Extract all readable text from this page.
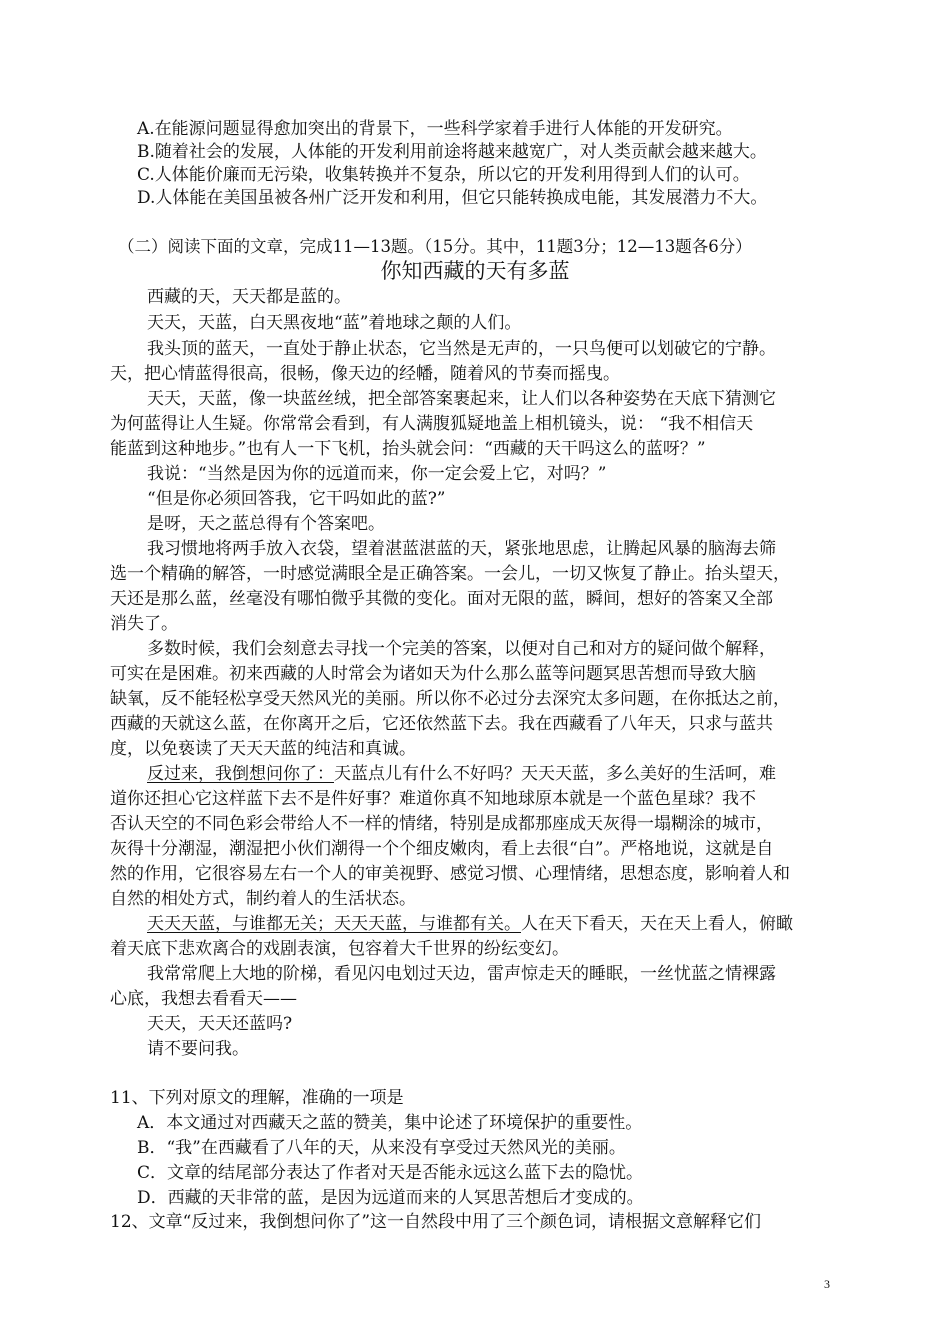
A.在能源问题显得愈加突出的背景下，一些科学家着手进行人体能的开发研究。
B.随着社会的发展，人体能的开发利用前途将越来越宽广，对人类贡献会越来越大。
C.人体能价廉而无污染，收集转换并不复杂，所以它的开发利用得到人们的认可。
D.人体能在美国虽被各州广泛开发和利用，但它只能转换成电能，其发展潜力不大。
（二）阅读下面的文章，完成11—13题。（15分。其中，11题3分；12—13题各6分）
你知西藏的天有多蓝
西藏的天，天天都是蓝的。
天天，天蓝，白天黑夜地“蓝”着地球之颠的人们。
我头顶的蓝天，一直处于静止状态，它当然是无声的，一只鸟便可以划破它的宁静。
天，把心情蓝得很高，很畅，像天边的经幡，随着风的节奏而摇曳。
天天，天蓝，像一块蓝丝绒，把全部答案裹起来，让人们以各种姿势在天底下猜测它
为何蓝得让人生疑。你常常会看到，有人满腹狐疑地盖上相机镜头，说： “我不相信天
能蓝到这种地步。”也有人一下飞机，抬头就会问：“西藏的天干吗这么的蓝呀？”
我说：“当然是因为你的远道而来，你一定会爱上它，对吗？”
“但是你必须回答我，它干吗如此的蓝?”
是呀，天之蓝总得有个答案吧。
我习惯地将两手放入衣袋，望着湛蓝湛蓝的天，紧张地思虑，让腾起风暴的脑海去筛
选一个精确的解答，一时感觉满眼全是正确答案。一会儿，一切又恢复了静止。抬头望天，
天还是那么蓝，丝毫没有哪怕微乎其微的变化。面对无限的蓝，瞬间，想好的答案又全部
消失了。
多数时候，我们会刻意去寻找一个完美的答案，以便对自己和对方的疑问做个解释，
可实在是困难。初来西藏的人时常会为诸如天为什么那么蓝等问题冥思苦想而导致大脑
缺氧，反不能轻松享受天然风光的美丽。所以你不必过分去深究太多问题，在你抵达之前，
西藏的天就这么蓝，在你离开之后，它还依然蓝下去。我在西藏看了八年天，只求与蓝共
度，以免亵读了天天天蓝的纯洁和真诚。
反过来，我倒想问你了：天蓝点儿有什么不好吗？天天天蓝，多么美好的生活呵，难
道你还担心它这样蓝下去不是件好事？难道你真不知地球原本就是一个蓝色星球？我不
否认天空的不同色彩会带给人不一样的情绪，特别是成都那座成天灰得一塌糊涂的城市，
灰得十分潮湿，潮湿把小伙们潮得一个个细皮嫩肉，看上去很“白”。严格地说，这就是自
然的作用，它很容易左右一个人的审美视野、感觉习惯、心理情绪，思想态度，影响着人和
自然的相处方式，制约着人的生活状态。
天天天蓝，与谁都无关；天天天蓝，与谁都有关。人在天下看天，天在天上看人，俯瞰
着天底下悲欢离合的戏剧表演，包容着大千世界的纷纭变幻。
我常常爬上大地的阶梯，看见闪电划过天边，雷声惊走天的睡眠，一丝忧蓝之情裸露
心底，我想去看看天——
天天，天天还蓝吗?
请不要问我。
11、下列对原文的理解，准确的一项是
A．本文通过对西藏天之蓝的赞美，集中论述了环境保护的重要性。
B．“我”在西藏看了八年的天，从来没有享受过天然风光的美丽。
C．文章的结尾部分表达了作者对天是否能永远这么蓝下去的隐忧。
D．西藏的天非常的蓝，是因为远道而来的人冥思苦想后才变成的。
12、文章“反过来，我倒想问你了”这一自然段中用了三个颜色词，请根据文意解释它们
3
